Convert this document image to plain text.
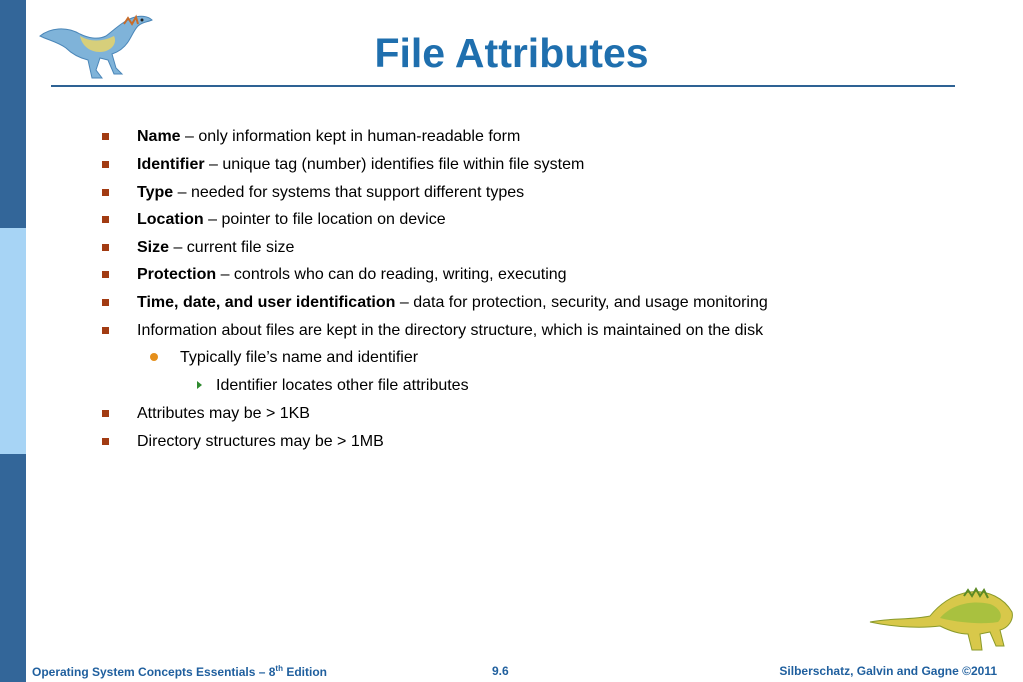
File Attributes
Name – only information kept in human-readable form
Identifier – unique tag (number) identifies file within file system
Type – needed for systems that support different types
Location – pointer to file location on device
Size – current file size
Protection – controls who can do reading, writing, executing
Time, date, and user identification – data for protection, security, and usage monitoring
Information about files are kept in the directory structure, which is maintained on the disk
Typically file’s name and identifier
Identifier locates other file attributes
Attributes may be > 1KB
Directory structures may be > 1MB
Operating System Concepts Essentials – 8th Edition	9.6	Silberschatz, Galvin and Gagne ©2011
